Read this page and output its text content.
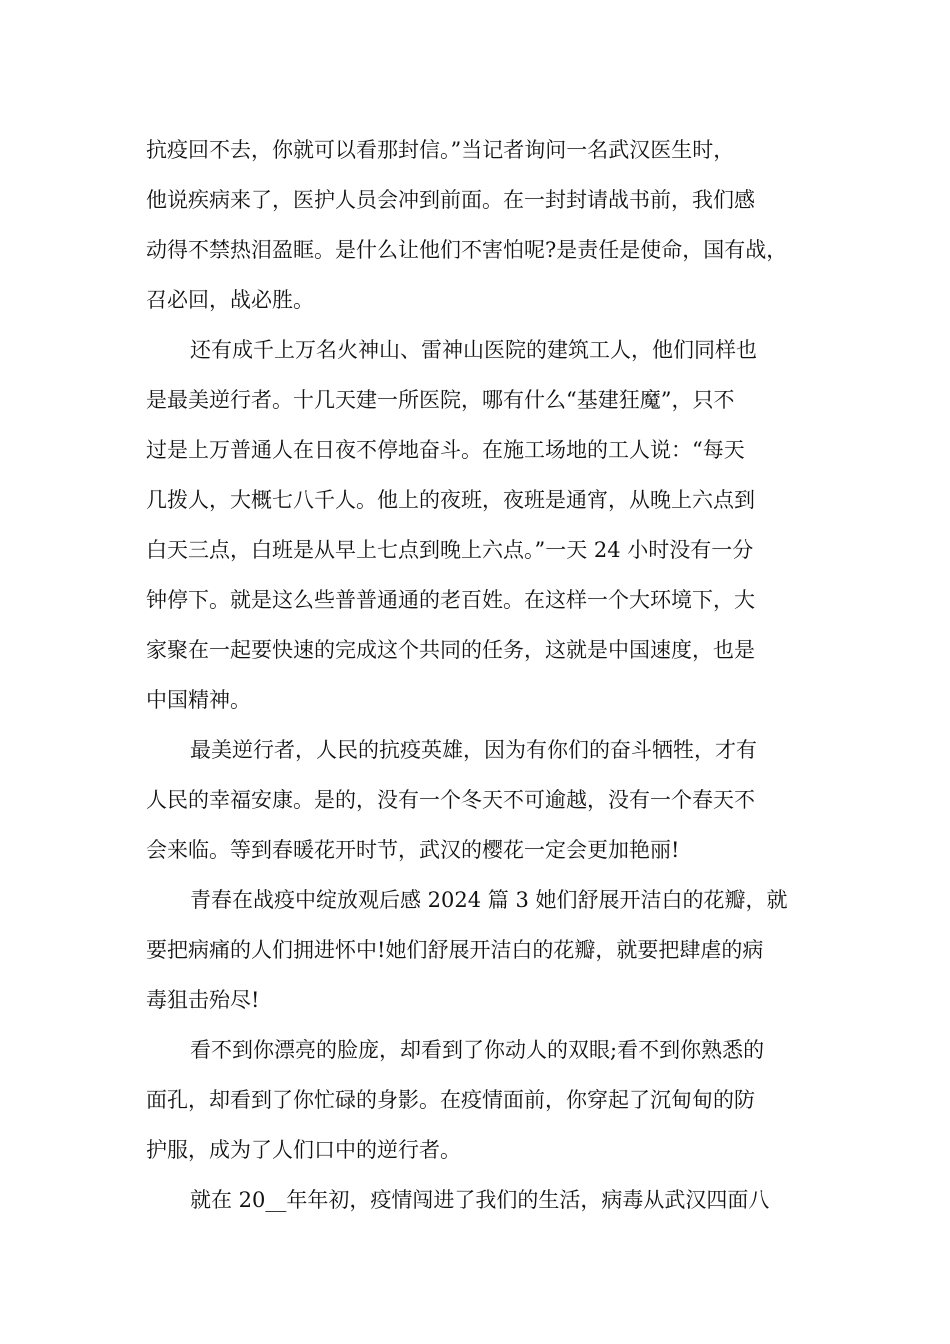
抗疫回不去，你就可以看那封信。”当记者询问一名武汉医生时，
他说疾病来了，医护人员会冲到前面。在一封封请战书前，我们感
动得不禁热泪盈眶。是什么让他们不害怕呢?是责任是使命，国有战，
召必回，战必胜。
还有成千上万名火神山、雷神山医院的建筑工人，他们同样也
是最美逆行者。十几天建一所医院，哪有什么“基建狂魔”，只不
过是上万普通人在日夜不停地奋斗。在施工场地的工人说：“每天
几拨人，大概七八千人。他上的夜班，夜班是通宵，从晚上六点到
白天三点，白班是从早上七点到晚上六点。”一天 24 小时没有一分
钟停下。就是这么些普普通通的老百姓。在这样一个大环境下，大
家聚在一起要快速的完成这个共同的任务，这就是中国速度，也是
中国精神。
最美逆行者，人民的抗疫英雄，因为有你们的奋斗牺牲，才有
人民的幸福安康。是的，没有一个冬天不可逾越，没有一个春天不
会来临。等到春暖花开时节，武汉的樱花一定会更加艳丽!
青春在战疫中绽放观后感 2024 篇 3 她们舒展开洁白的花瓣，就
要把病痛的人们拥进怀中!她们舒展开洁白的花瓣，就要把肆虐的病
毒狙击殆尽!
看不到你漂亮的脸庞，却看到了你动人的双眼;看不到你熟悉的
面孔，却看到了你忙碌的身影。在疫情面前，你穿起了沉甸甸的防
护服，成为了人们口中的逆行者。
就在 20__年年初，疫情闯进了我们的生活，病毒从武汉四面八
